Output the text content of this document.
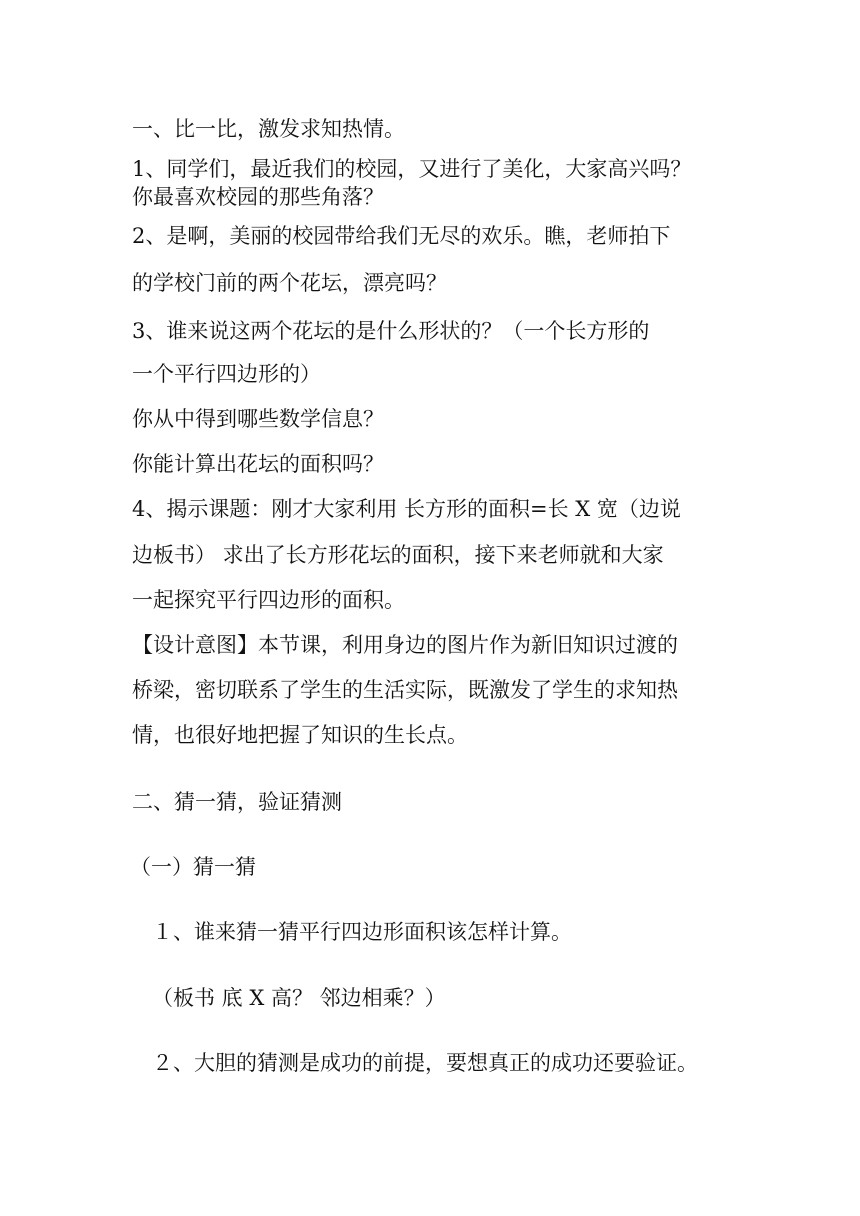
一、比一比，激发求知热情。
1、同学们，最近我们的校园，又进行了美化，大家高兴吗？
你最喜欢校园的那些角落？
2、是啊，美丽的校园带给我们无尽的欢乐。瞧，老师拍下
的学校门前的两个花坛，漂亮吗？
3、谁来说这两个花坛的是什么形状的？（一个长方形的
一个平行四边形的）
你从中得到哪些数学信息？
你能计算出花坛的面积吗？
4、揭示课题：刚才大家利用 长方形的面积=长 X 宽（边说
边板书） 求出了长方形花坛的面积，接下来老师就和大家
一起探究平行四边形的面积。
【设计意图】本节课，利用身边的图片作为新旧知识过渡的
桥梁，密切联系了学生的生活实际，既激发了学生的求知热
情，也很好地把握了知识的生长点。
二、猜一猜，验证猜测
（一）猜一猜
１、谁来猜一猜平行四边形面积该怎样计算。
（板书 底 X 高？ 邻边相乘？）
２、大胆的猜测是成功的前提，要想真正的成功还要验证。
